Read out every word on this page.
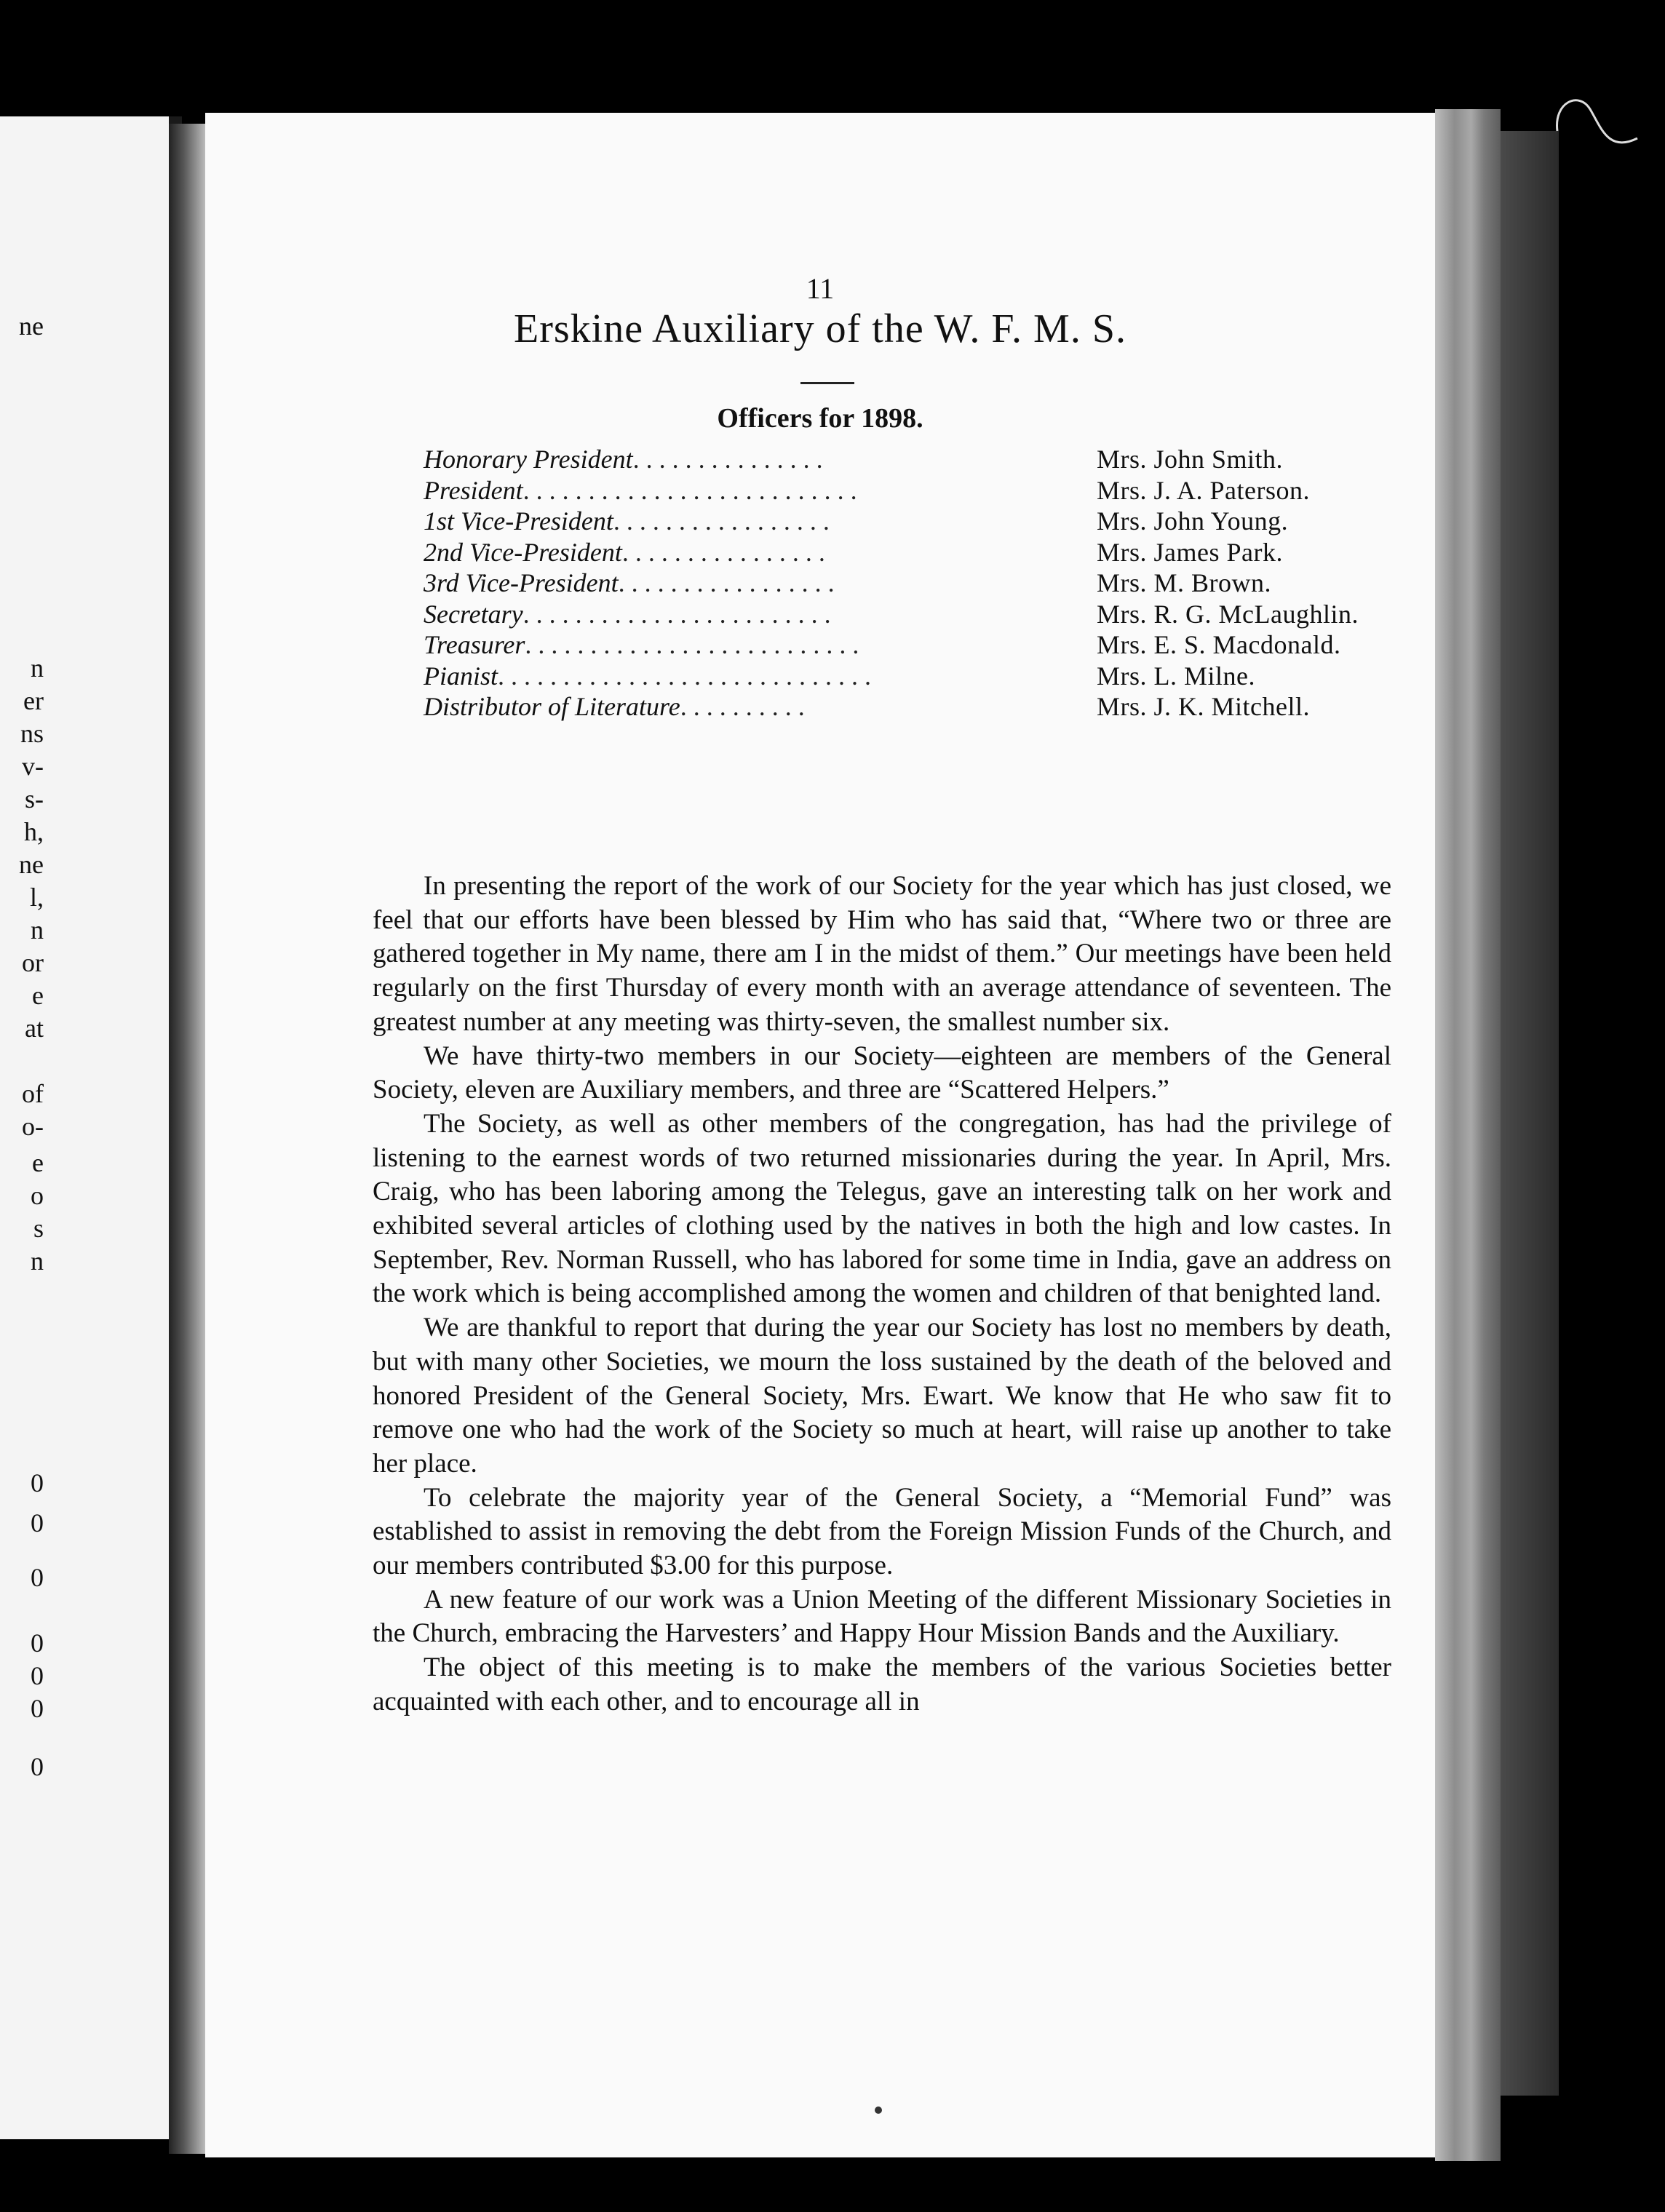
ne
n
er
ns
v-
s-
h,
ne
l,
n
or
e
at
of
o-
e
o
s
n
0
0
0
0
0
0
0
11
Erskine Auxiliary of the W. F. M. S.
Officers for 1898.
Honorary President . . . . . . . . . . . . . . .	Mrs. John Smith.
President . . . . . . . . . . . . . . . . . . . . . . . . . .	Mrs. J. A. Paterson.
1st Vice-President . . . . . . . . . . . . . . . . .	Mrs. John Young.
2nd Vice-President . . . . . . . . . . . . . . . .	Mrs. James Park.
3rd Vice-President . . . . . . . . . . . . . . . . .	Mrs. M. Brown.
Secretary . . . . . . . . . . . . . . . . . . . . . . . .	Mrs. R. G. McLaughlin.
Treasurer . . . . . . . . . . . . . . . . . . . . . . . . . .	Mrs. E. S. Macdonald.
Pianist . . . . . . . . . . . . . . . . . . . . . . . . . . . . .	Mrs. L. Milne.
Distributor of Literature . . . . . . . . . .	Mrs. J. K. Mitchell.

In presenting the report of the work of our Society for the year which has just closed, we feel that our efforts have been blessed by Him who has said that, “Where two or three are gathered together in My name, there am I in the midst of them.” Our meetings have been held regularly on the first Thursday of every month with an average attendance of seventeen. The greatest number at any meeting was thirty-seven, the smallest number six.

We have thirty-two members in our Society—eighteen are members of the General Society, eleven are Auxiliary members, and three are “Scattered Helpers.”

The Society, as well as other members of the congregation, has had the privilege of listening to the earnest words of two returned missionaries during the year. In April, Mrs. Craig, who has been laboring among the Telegus, gave an interesting talk on her work and exhibited several articles of clothing used by the natives in both the high and low castes. In September, Rev. Norman Russell, who has labored for some time in India, gave an address on the work which is being accomplished among the women and children of that benighted land.

We are thankful to report that during the year our Society has lost no members by death, but with many other Societies, we mourn the loss sustained by the death of the beloved and honored President of the General Society, Mrs. Ewart. We know that He who saw fit to remove one who had the work of the Society so much at heart, will raise up another to take her place.

To celebrate the majority year of the General Society, a “Memorial Fund” was established to assist in removing the debt from the Foreign Mission Funds of the Church, and our members contributed $3.00 for this purpose.

A new feature of our work was a Union Meeting of the different Missionary Societies in the Church, embracing the Harvesters’ and Happy Hour Mission Bands and the Auxiliary.

The object of this meeting is to make the members of the various Societies better acquainted with each other, and to encourage all in
